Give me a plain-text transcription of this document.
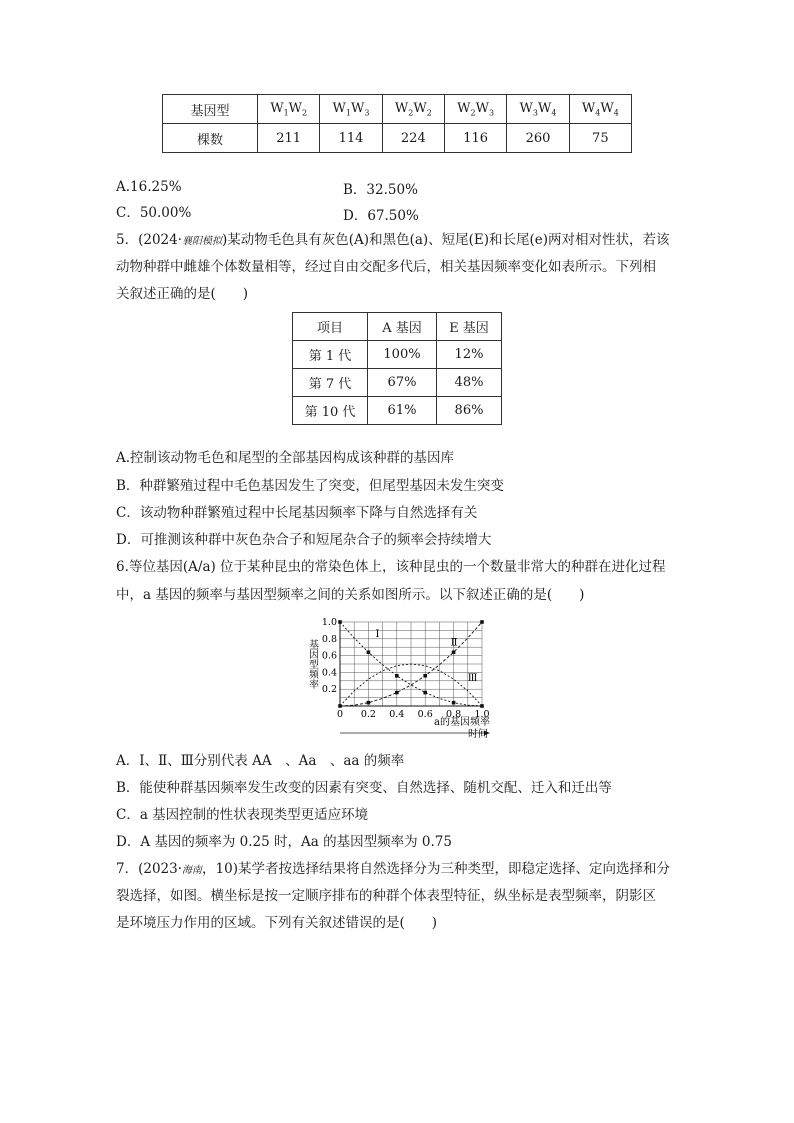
基因型	$W_1W_2$	$W_1W_3$	$W_2W_2$	$W_2W_3$	$W_3W_4$	$W_4W_4$
棵数	211	114	224	116	260	75
A.16.25%	B．32.50%
C．50.00%	D．67.50%
5．(2024·襄阳模拟)某动物毛色具有灰色(A)和黑色(a)、短尾(E)和长尾(e)两对相对性状，若该
动物种群中雌雄个体数量相等，经过自由交配多代后，相关基因频率变化如表所示。下列相
关叙述正确的是(　　)
项目	A 基因	E 基因
第 1 代	100%	12%
第 7 代	67%	48%
第 10 代	61%	86%
A.控制该动物毛色和尾型的全部基因构成该种群的基因库
B．种群繁殖过程中毛色基因发生了突变，但尾型基因未发生突变
C．该动物种群繁殖过程中长尾基因频率下降与自然选择有关
D．可推测该种群中灰色杂合子和短尾杂合子的频率会持续增大
6.等位基因(A/a) 位于某种昆虫的常染色体上，该种昆虫的一个数量非常大的种群在进化过程
中，a 基因的频率与基因型频率之间的关系如图所示。以下叙述正确的是(　　)
基因型频率
0 0.2 0.4 0.6 0.8 1.0
0.2
0.4
0.6
0.8
1.0
Ⅰ
Ⅱ
Ⅲ
a的基因频率
时间
A．Ⅰ、Ⅱ、Ⅲ分别代表 AA　、Aa　、aa 的频率
B．能使种群基因频率发生改变的因素有突变、自然选择、随机交配、迁入和迁出等
C．a 基因控制的性状表现类型更适应环境
D．A 基因的频率为 0.25 时，Aa 的基因型频率为 0.75
7．(2023·海南，10)某学者按选择结果将自然选择分为三种类型，即稳定选择、定向选择和分
裂选择，如图。横坐标是按一定顺序排布的种群个体表型特征，纵坐标是表型频率，阴影区
是环境压力作用的区域。下列有关叙述错误的是(　　)
